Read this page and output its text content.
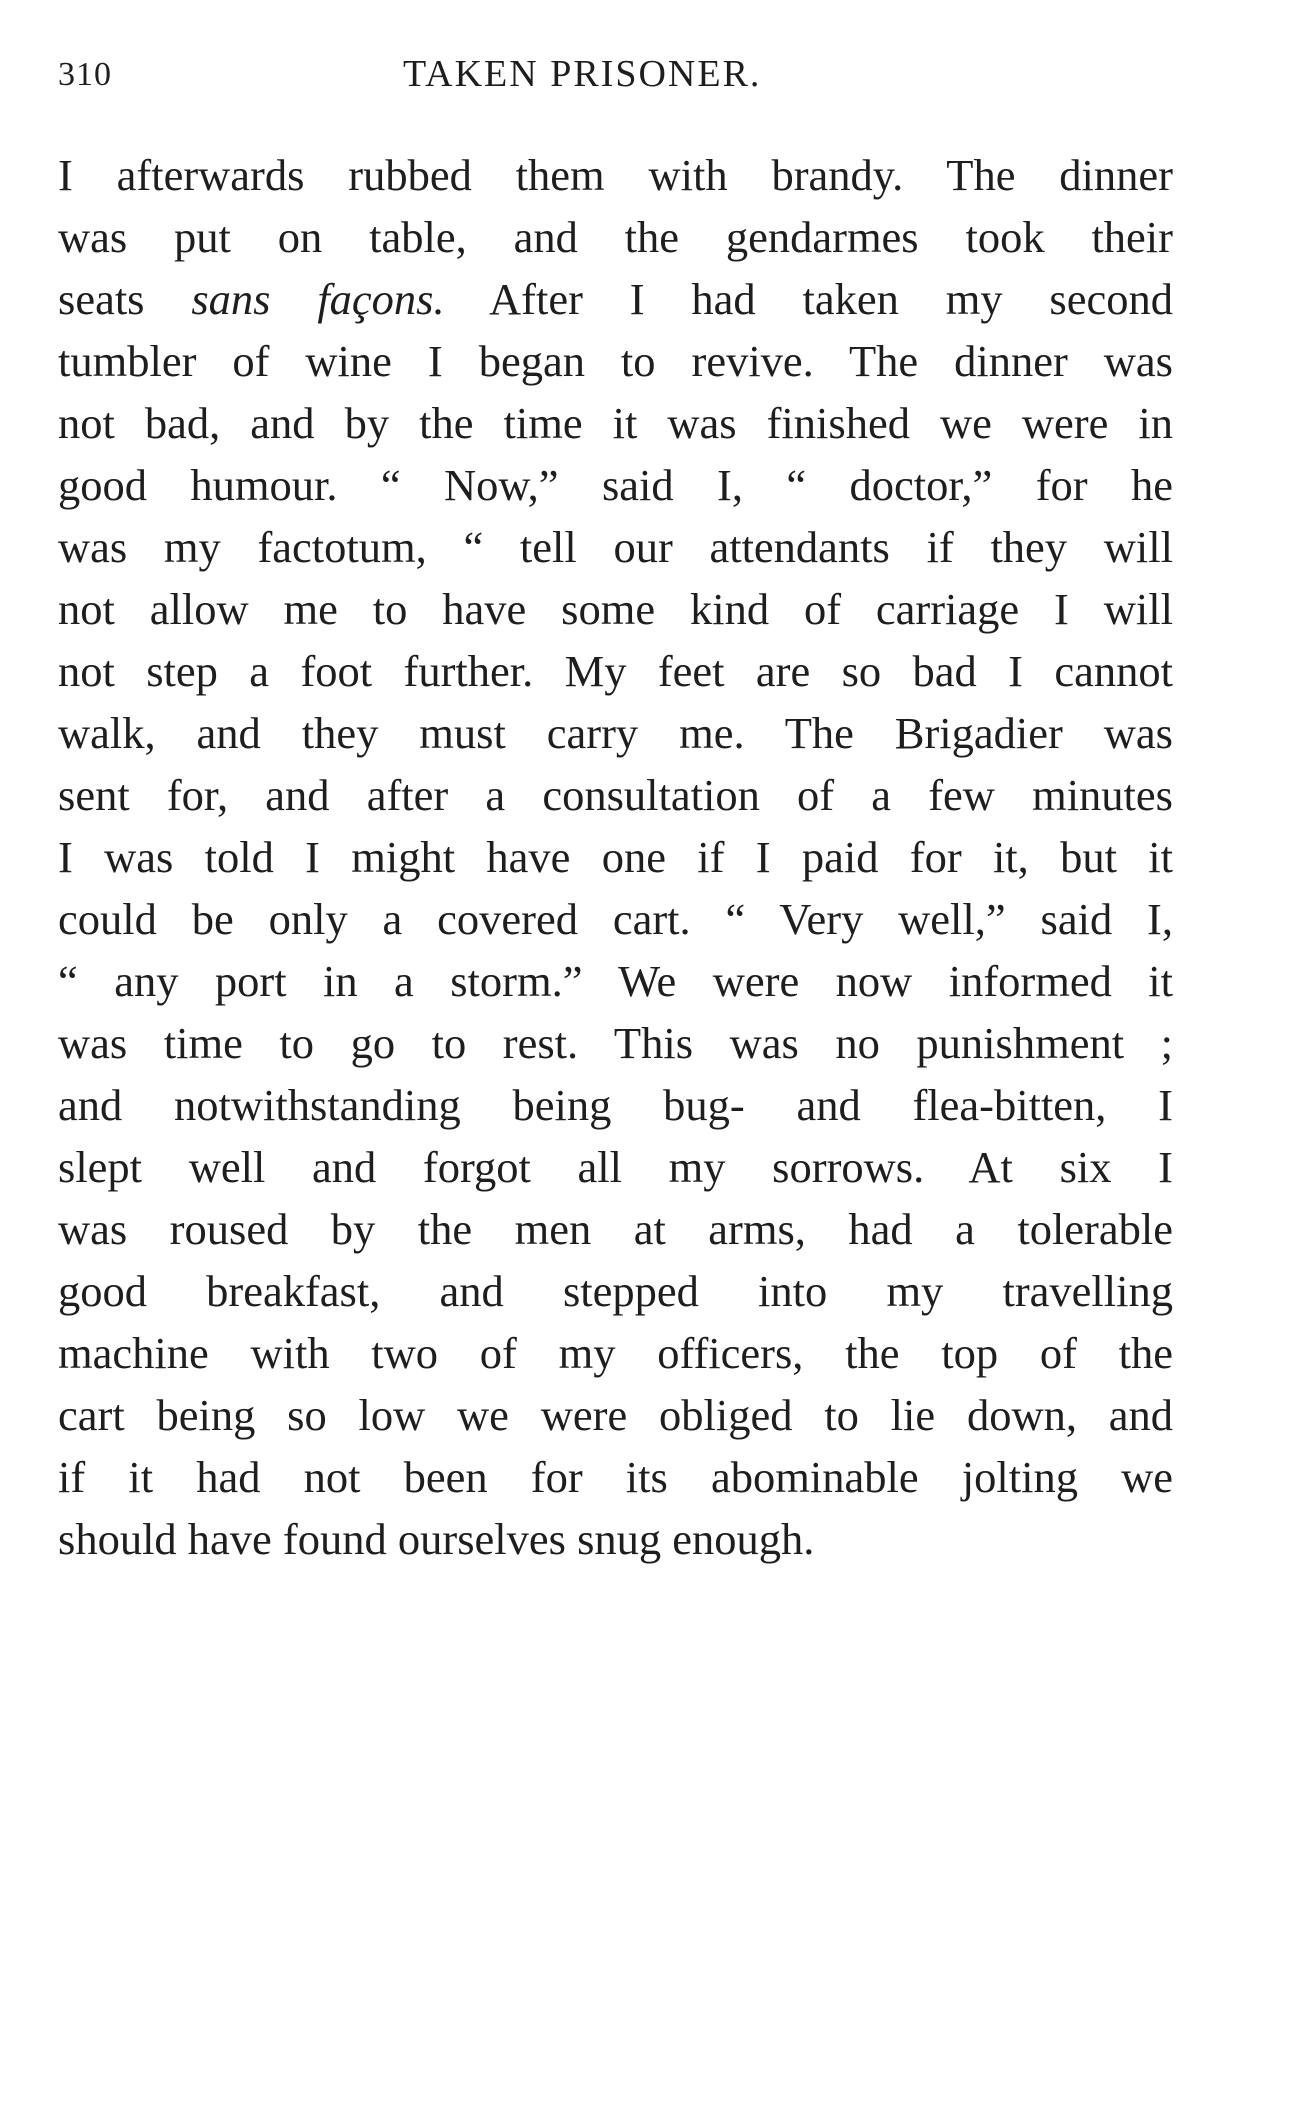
310	TAKEN PRISONER.
I afterwards rubbed them with brandy. The dinner
was put on table, and the gendarmes took their
seats sans façons. After I had taken my second
tumbler of wine I began to revive. The dinner was
not bad, and by the time it was finished we were in
good humour. “ Now,” said I, “ doctor,” for he
was my factotum, “ tell our attendants if they will
not allow me to have some kind of carriage I will
not step a foot further. My feet are so bad I cannot
walk, and they must carry me. The Brigadier was
sent for, and after a consultation of a few minutes
I was told I might have one if I paid for it, but it
could be only a covered cart. “ Very well,” said I,
“ any port in a storm.” We were now informed it
was time to go to rest. This was no punishment ;
and notwithstanding being bug- and flea-bitten, I
slept well and forgot all my sorrows. At six I
was roused by the men at arms, had a tolerable
good breakfast, and stepped into my travelling
machine with two of my officers, the top of the
cart being so low we were obliged to lie down, and
if it had not been for its abominable jolting we
should have found ourselves snug enough.
